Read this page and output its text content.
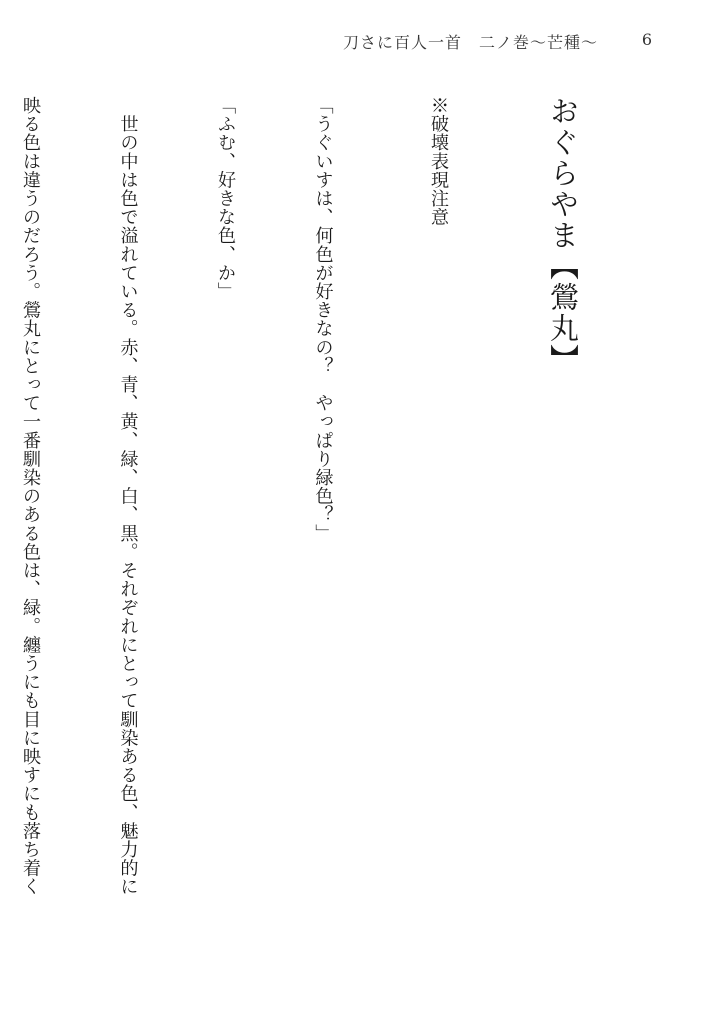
刀さに百人一首　二ノ巻〜芒種〜	6

おぐらやま【鶯丸】

※破壊表現注意

「うぐいすは、何色が好きなの？　やっぱり緑色？」

「ふむ、好きな色、か」

　世の中は色で溢れている。赤、青、黄、緑、白、黒。それぞれにとって馴染ある色、魅力的に

映る色は違うのだろう。鶯丸にとって一番馴染のある色は、緑。纏うにも目に映すにも落ち着く
